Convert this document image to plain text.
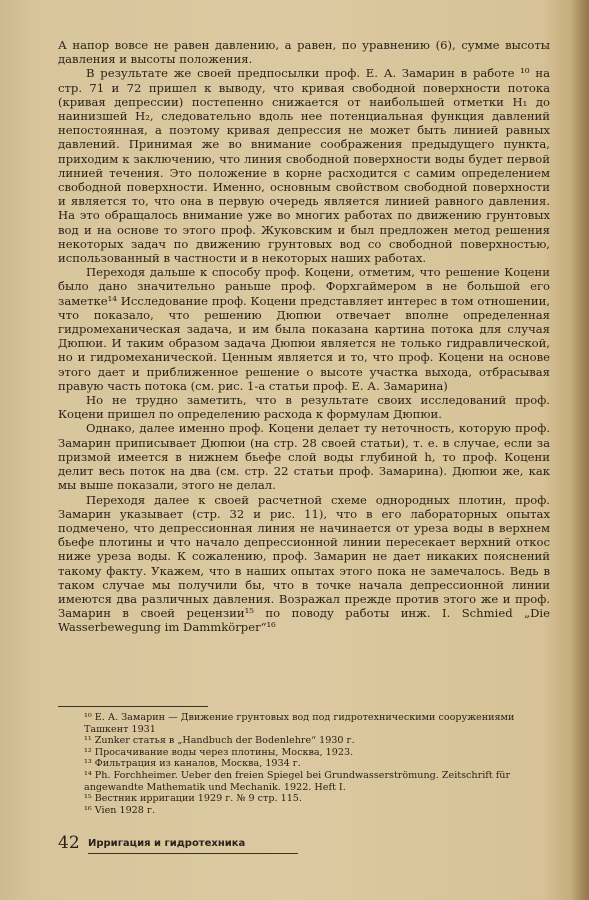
А напор вовсе не равен давлению, а равен, по уравнению (6), сумме высоты давления и высоты положения.

В результате же своей предпосылки проф. Е. А. Замарин в работе ¹⁰ на стр. 71 и 72 пришел к выводу, что кривая свободной поверхности потока (кривая депрессии) постепенно снижается от наибольшей отметки H₁ до наинизшей H₂, следовательно вдоль нее потенциальная функция давлений непостоянная, а поэтому кривая депрессия не может быть линией равных давлений. Принимая же во внимание соображения предыдущего пункта, приходим к заключению, что линия свободной поверхности воды будет первой линией течения. Это положение в корне расходится с самим определением свободной поверхности. Именно, основным свойством свободной поверхности и является то, что она в первую очередь является линией равного давления. На это обращалось внимание уже во многих работах по движению грунтовых вод и на основе то этого проф. Жуковским и был предложен метод решения некоторых задач по движению грунтовых вод со свободной поверхностью, использованный в частности и в некоторых наших работах.

Переходя дальше к способу проф. Коцени, отметим, что решение Коцени было дано значительно раньше проф. Форхгаймером в не большой его заметке¹⁴ Исследование проф. Коцени представляет интерес в том отношении, что показало, что решению Дюпюи отвечает вполне определенная гидромеханическая задача, и им была показана картина потока для случая Дюпюи. И таким образом задача Дюпюи является не только гидравлической, но и гидромеханической. Ценным является и то, что проф. Коцени на основе этого дает и приближенное решение о высоте участка выхода, отбрасывая правую часть потока (см. рис. 1-а статьи проф. Е. А. Замарина)

Но не трудно заметить, что в результате своих исследований проф. Коцени пришел по определению расхода к формулам Дюпюи.

Однако, далее именно проф. Коцени делает ту неточность, которую проф. Замарин приписывает Дюпюи (на стр. 28 своей статьи), т. е. в случае, если за призмой имеется в нижнем бьефе слой воды глубиной h, то проф. Коцени делит весь поток на два (см. стр. 22 статьи проф. Замарина). Дюпюи же, как мы выше показали, этого не делал.

Переходя далее к своей расчетной схеме однородных плотин, проф. Замарин указывает (стр. 32 и рис. 11), что в его лабораторных опытах подмечено, что депрессионная линия не начинается от уреза воды в верхнем бьефе плотины и что начало депрессионной линии пересекает верхний откос ниже уреза воды. К сожалению, проф. Замарин не дает никаких пояснений такому факту. Укажем, что в наших опытах этого пока не замечалось. Ведь в таком случае мы получили бы, что в точке начала депрессионной линии имеются два различных давления. Возражал прежде против этого же и проф. Замарин в своей рецензии¹⁵ по поводу работы инж. I. Schmied „Die Wasserbewegung im Dammkörper“¹⁶

¹⁰ Е. А. Замарин — Движение грунтовых вод под гидротехническими сооружениями Ташкент 1931

¹¹ Zunker статья в „Handbuch der Bodenlehre“ 1930 г.

¹² Просачивание воды через плотины, Москва, 1923.

¹³ Фильтрация из каналов, Москва, 1934 г.

¹⁴ Ph. Forchheimer. Ueber den freien Spiegel bei Grundwasserströmung. Zeitschrift für angewandte Mathematik und Mechanik. 1922. Heft I.

¹⁵ Вестник ирригации 1929 г. № 9 стр. 115.

¹⁶ Vien 1928 г.

42 Ирригация и гидротехника
